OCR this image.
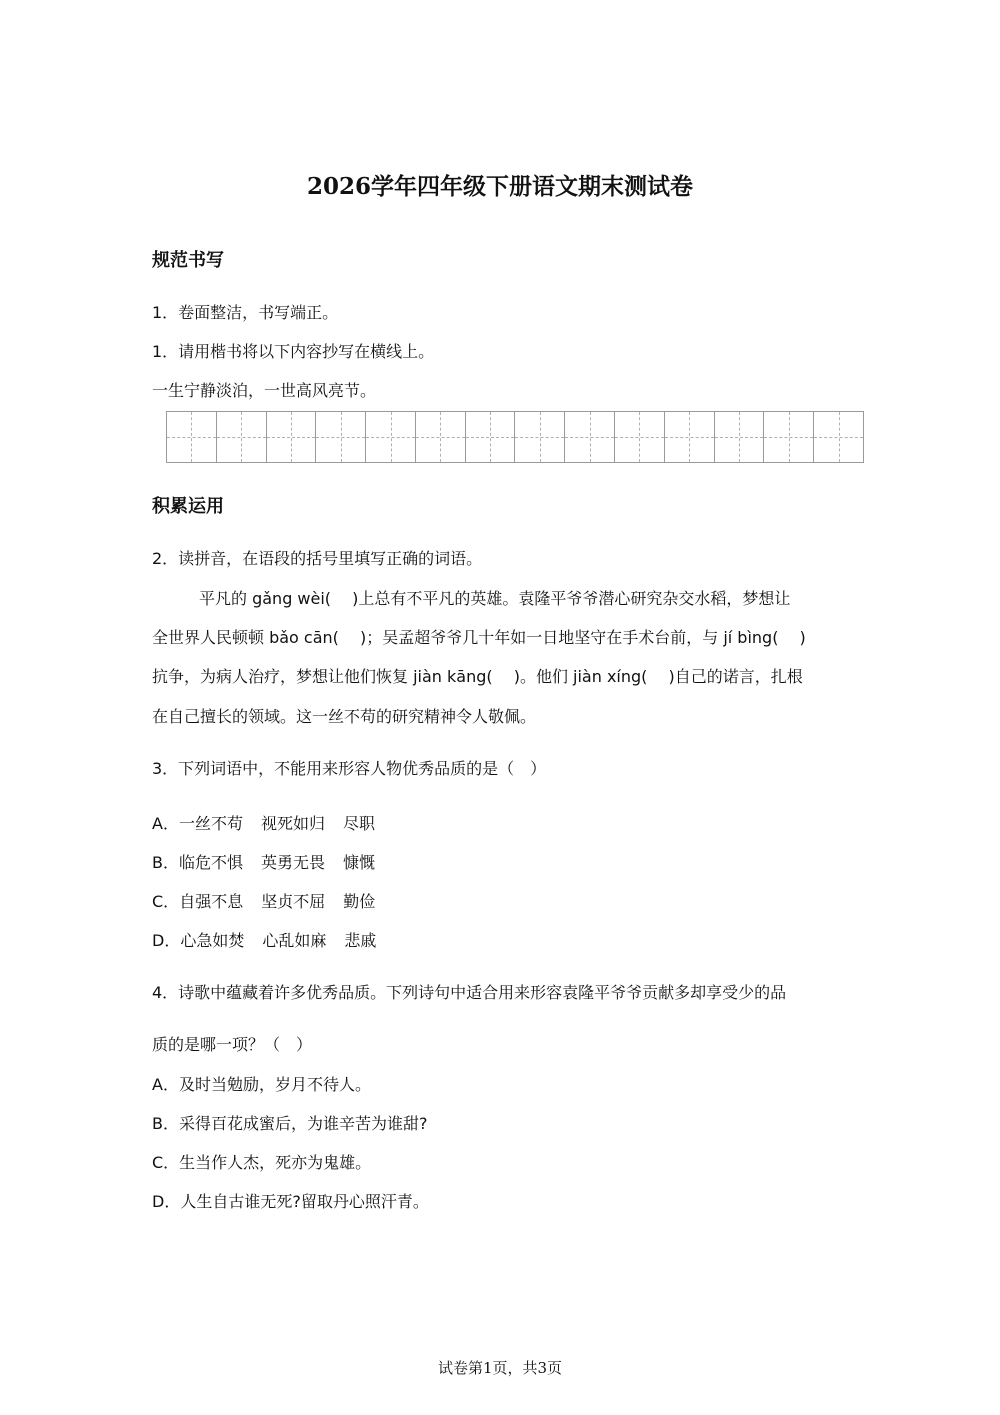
2026学年四年级下册语文期末测试卷
规范书写
1．卷面整洁，书写端正。
1．请用楷书将以下内容抄写在横线上。
一生宁静淡泊，一世高风亮节。
积累运用
2．读拼音，在语段的括号里填写正确的词语。
平凡的 gǎng wèi(　 )上总有不平凡的英雄。袁隆平爷爷潜心研究杂交水稻，梦想让
全世界人民顿顿 bǎo cān(　 )；吴孟超爷爷几十年如一日地坚守在手术台前，与 jí bìng(　 )
抗争，为病人治疗，梦想让他们恢复 jiàn kāng(　 )。他们 jiàn xíng(　 )自己的诺言，扎根
在自己擅长的领域。这一丝不苟的研究精神令人敬佩。
3．下列词语中，不能用来形容人物优秀品质的是（　）
A．一丝不苟 视死如归 尽职
B．临危不惧 英勇无畏 慷慨
C．自强不息 坚贞不屈 勤俭
D．心急如焚 心乱如麻 悲戚
4．诗歌中蕴藏着许多优秀品质。下列诗句中适合用来形容袁隆平爷爷贡献多却享受少的品
质的是哪一项？（　）
A．及时当勉励，岁月不待人。
B．采得百花成蜜后，为谁辛苦为谁甜?
C．生当作人杰，死亦为鬼雄。
D．人生自古谁无死?留取丹心照汗青。
试卷第1页，共3页
